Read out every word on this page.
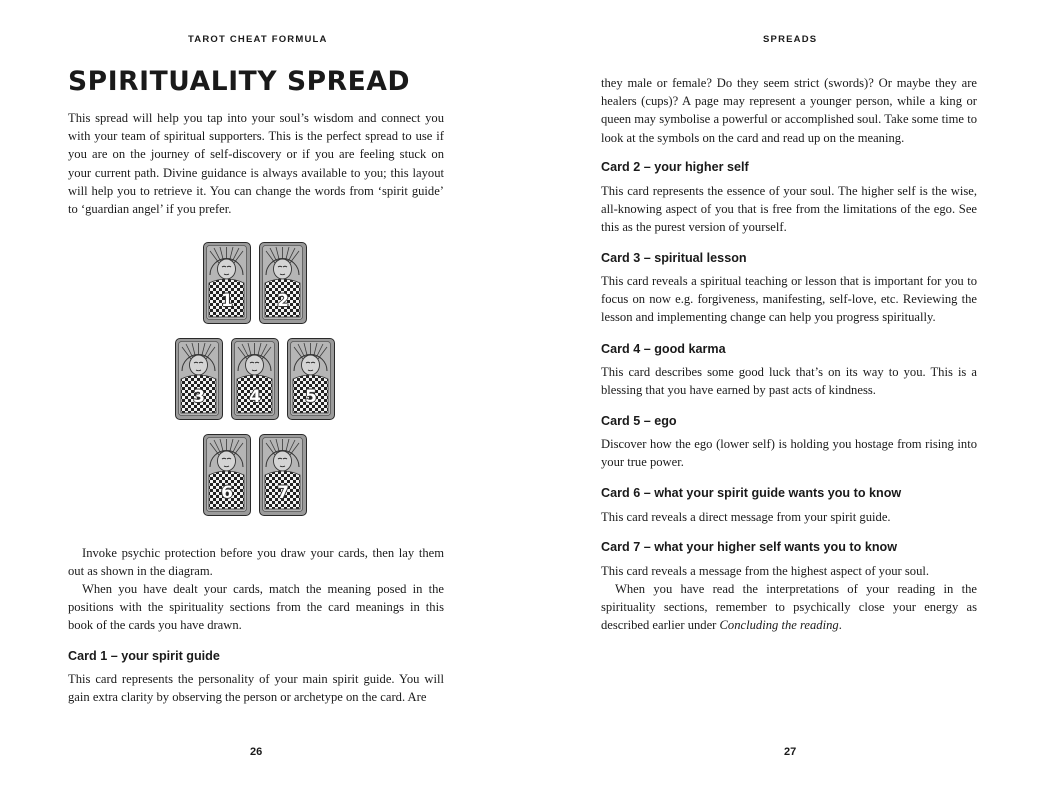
TAROT CHEAT FORMULA
SPIRITUALITY SPREAD

This spread will help you tap into your soul’s wisdom and connect you with your team of spiritual supporters. This is the perfect spread to use if you are on the journey of self-discovery or if you are feeling stuck on your current path. Divine guidance is always available to you; this layout will help you to retrieve it. You can change the words from ‘spirit guide’ to ‘guardian angel’ if you prefer.

1	2
3	4	5
6	7

Invoke psychic protection before you draw your cards, then lay them out as shown in the diagram.

When you have dealt your cards, match the meaning posed in the positions with the spirituality sections from the card meanings in this book of the cards you have drawn.

Card 1 – your spirit guide

This card represents the personality of your main spirit guide. You will gain extra clarity by observing the person or archetype on the card. Are

26
SPREADS

they male or female? Do they seem strict (swords)? Or maybe they are healers (cups)? A page may represent a younger person, while a king or queen may symbolise a powerful or accomplished soul. Take some time to look at the symbols on the card and read up on the meaning.

Card 2 – your higher self

This card represents the essence of your soul. The higher self is the wise, all-knowing aspect of you that is free from the limitations of the ego. See this as the purest version of yourself.

Card 3 – spiritual lesson

This card reveals a spiritual teaching or lesson that is important for you to focus on now e.g. forgiveness, manifesting, self-love, etc. Reviewing the lesson and implementing change can help you progress spiritually.

Card 4 – good karma

This card describes some good luck that’s on its way to you. This is a blessing that you have earned by past acts of kindness.

Card 5 – ego

Discover how the ego (lower self) is holding you hostage from rising into your true power.

Card 6 – what your spirit guide wants you to know

This card reveals a direct message from your spirit guide.

Card 7 – what your higher self wants you to know

This card reveals a message from the highest aspect of your soul.

When you have read the interpretations of your reading in the spirituality sections, remember to psychically close your energy as described earlier under Concluding the reading.

27
